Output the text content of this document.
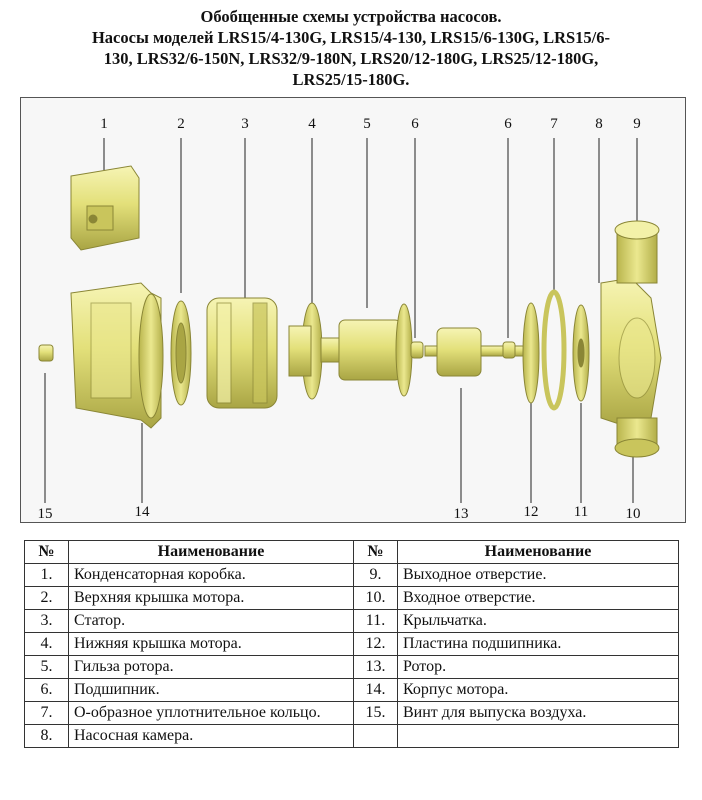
Обобщенные схемы устройства насосов.
Насосы моделей LRS15/4-130G, LRS15/4-130, LRS15/6-130G, LRS15/6-
130, LRS32/6-150N, LRS32/9-180N, LRS20/12-180G, LRS25/12-180G,
LRS25/15-180G.
1	2	3	4	5	6	6	7	8 9
10
11
12
13
14
15
№	Наименование	№	Наименование
1.	Конденсаторная коробка.	9.	Выходное отверстие.
2.	Верхняя крышка мотора.	10.	Входное отверстие.
3.	Статор.	11.	Крыльчатка.
4.	Нижняя крышка мотора.	12.	Пластина подшипника.
5.	Гильза ротора.	13.	Ротор.
6.	Подшипник.	14.	Корпус мотора.
7.	О-образное уплотнительное кольцо.	15.	Винт для выпуска воздуха.
8.	Насосная камера.		
